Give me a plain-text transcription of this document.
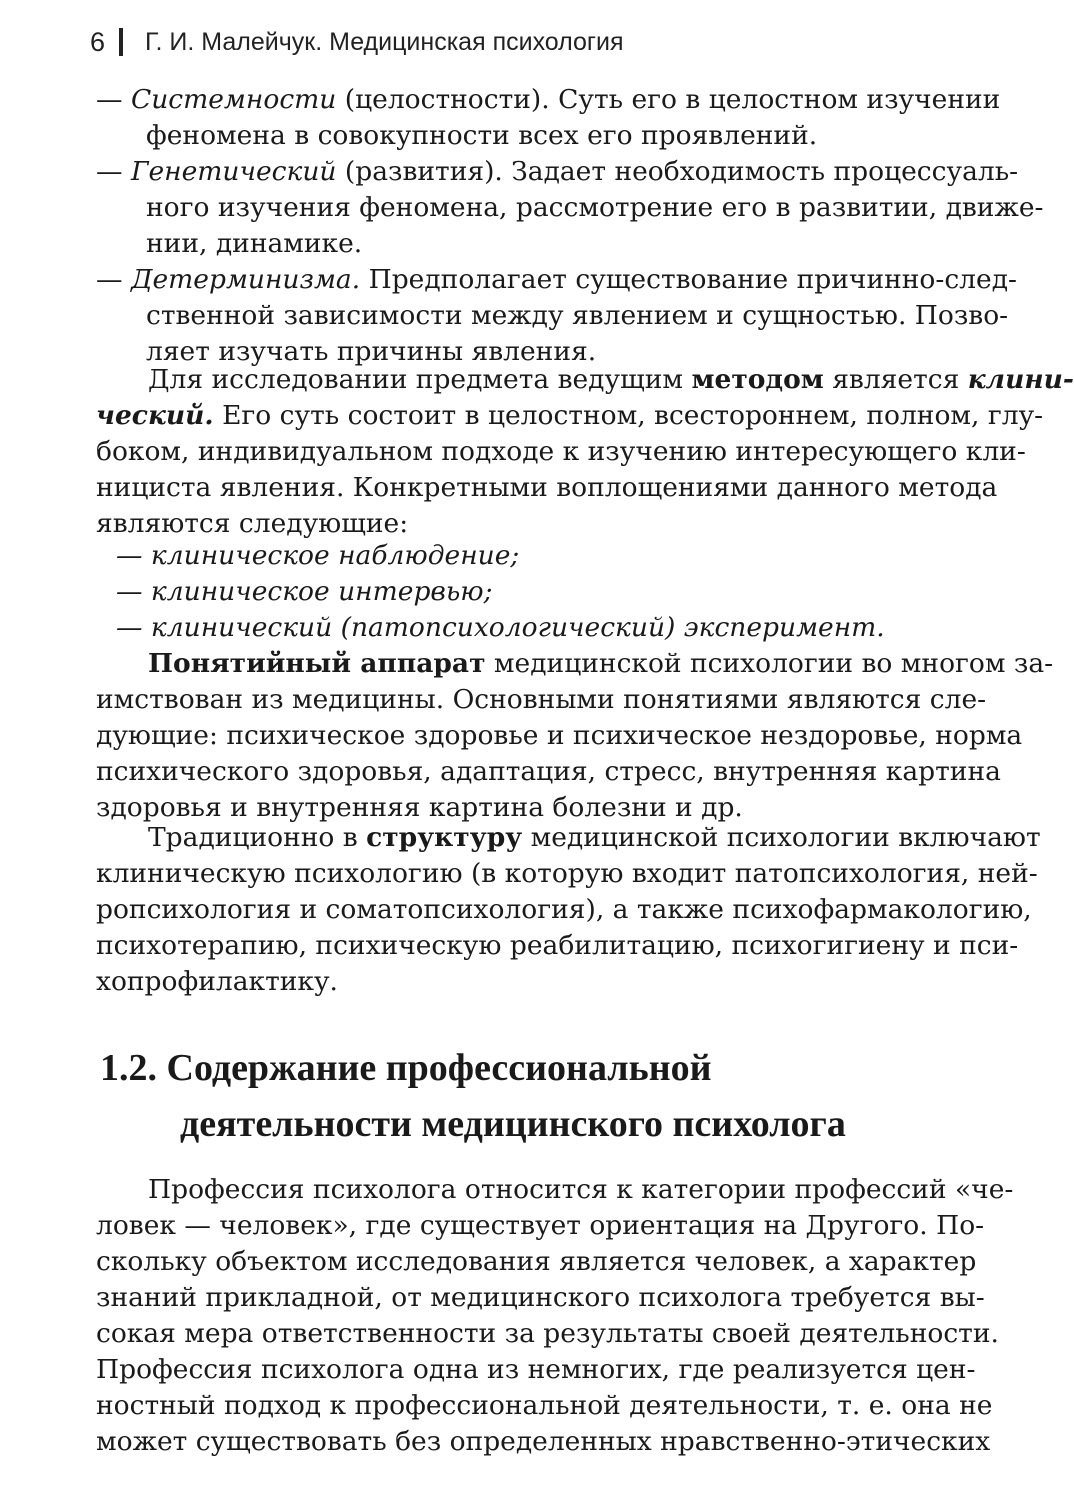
6 Г. И. Малейчук. Медицинская психология
— Системности (целостности). Суть его в целостном изучении
феномена в совокупности всех его проявлений.
— Генетический (развития). Задает необходимость процессуаль-
ного изучения феномена, рассмотрение его в развитии, движе-
нии, динамике.
— Детерминизма. Предполагает существование причинно-след-
ственной зависимости между явлением и сущностью. Позво-
ляет изучать причины явления.
Для исследовании предмета ведущим методом является клини-
ческий. Его суть состоит в целостном, всестороннем, полном, глу-
боком, индивидуальном подходе к изучению интересующего кли-
нициста явления. Конкретными воплощениями данного метода
являются следующие:
— клиническое наблюдение;
— клиническое интервью;
— клинический (патопсихологический) эксперимент.
Понятийный аппарат медицинской психологии во многом за-
имствован из медицины. Основными понятиями являются сле-
дующие: психическое здоровье и психическое нездоровье, норма
психического здоровья, адаптация, стресс, внутренняя картина
здоровья и внутренняя картина болезни и др.
Традиционно в структуру медицинской психологии включают
клиническую психологию (в которую входит патопсихология, ней-
ропсихология и соматопсихология), а также психофармакологию,
психотерапию, психическую реабилитацию, психогигиену и пси-
хопрофилактику.
1.2. Содержание профессиональной
деятельности медицинского психолога
Профессия психолога относится к категории профессий «че-
ловек — человек», где существует ориентация на Другого. По-
скольку объектом исследования является человек, а характер
знаний прикладной, от медицинского психолога требуется вы-
сокая мера ответственности за результаты своей деятельности.
Профессия психолога одна из немногих, где реализуется цен-
ностный подход к профессиональной деятельности, т. е. она не
может существовать без определенных нравственно-этических
